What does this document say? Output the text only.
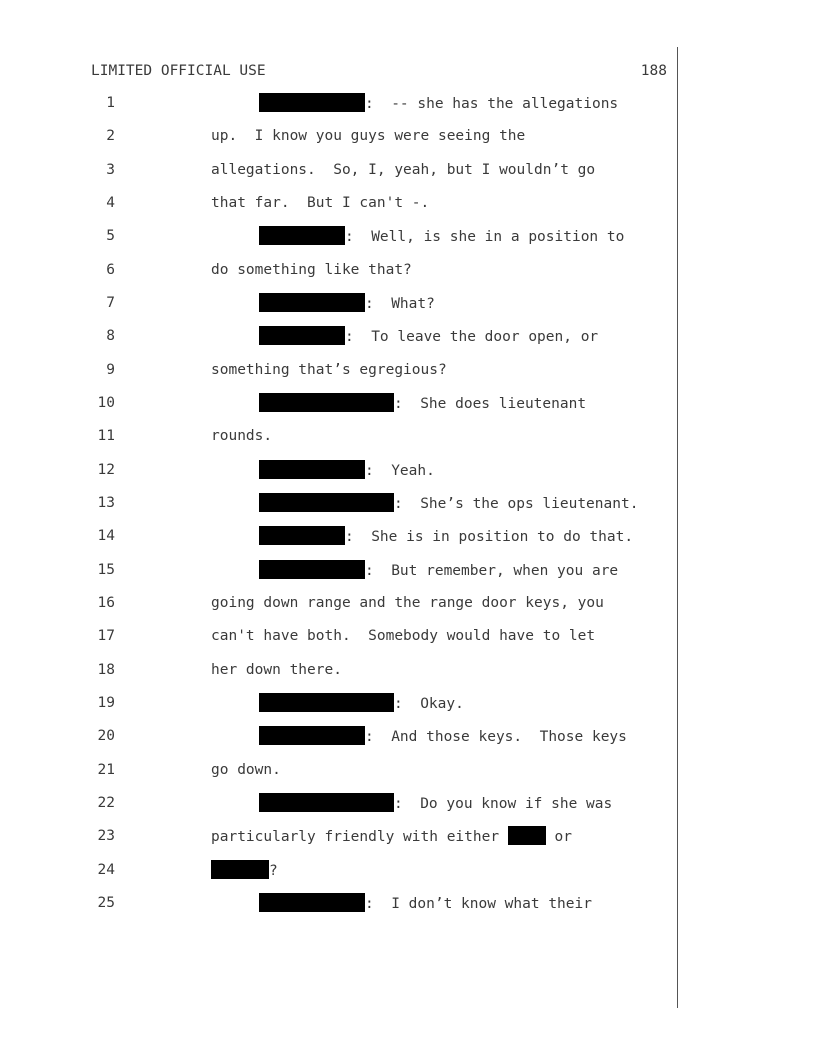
LIMITED OFFICIAL USE	188
1	:  -- she has the allegations
2	up.  I know you guys were seeing the
3	allegations.  So, I, yeah, but I wouldn’t go
4	that far.  But I can't -.
5	:  Well, is she in a position to
6	do something like that?
7	:  What?
8	:  To leave the door open, or
9	something that’s egregious?
10	:  She does lieutenant
11	rounds.
12	:  Yeah.
13	:  She’s the ops lieutenant.
14	:  She is in position to do that.
15	:  But remember, when you are
16	going down range and the range door keys, you
17	can't have both.  Somebody would have to let
18	her down there.
19	:  Okay.
20	:  And those keys.  Those keys
21	go down.
22	:  Do you know if she was
23	particularly friendly with either	or
24	?
25	:  I don’t know what their
